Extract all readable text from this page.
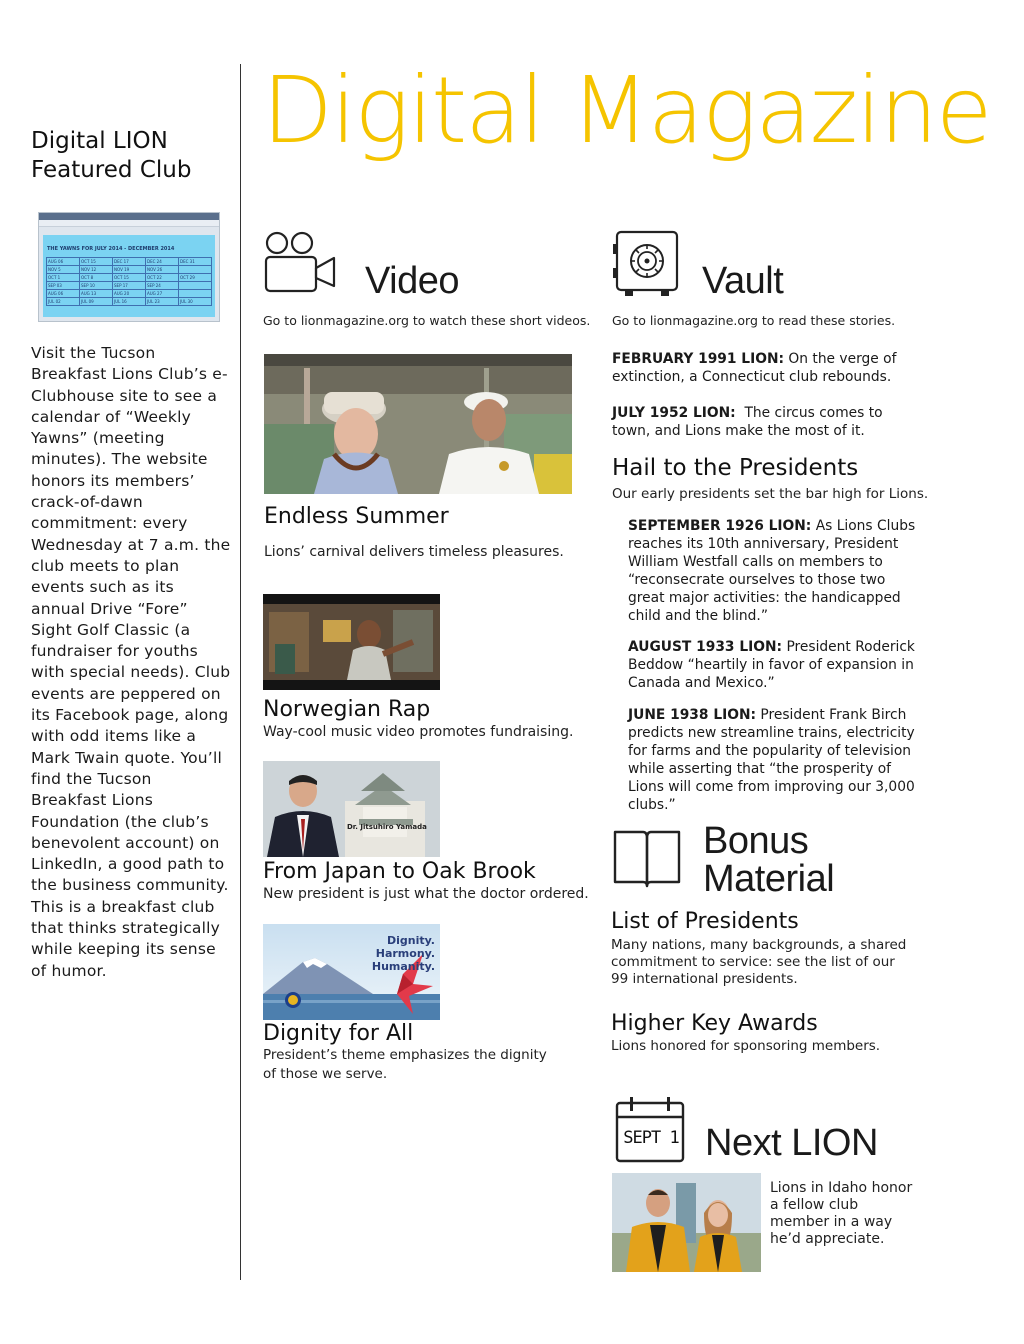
Digital LION
Featured Club
THE YAWNS FOR JULY 2014 - DECEMBER 2014
AUG 06	OCT 15	DEC 17	DEC 24	DEC 31
NOV 5	NOV 12	NOV 19	NOV 26	
OCT 1	OCT 8	OCT 15	OCT 22	OCT 29
SEP 03	SEP 10	SEP 17	SEP 24	
AUG 06	AUG 13	AUG 20	AUG 27	
JUL 02	JUL 09	JUL 16	JUL 23	JUL 30
Visit the Tucson Breakfast Lions Club’s e-Clubhouse site to see a calendar of “Weekly Yawns” (meeting minutes). The website honors its members’ crack-of-dawn commitment: every Wednesday at 7 a.m. the club meets to plan events such as its annual Drive “Fore” Sight Golf Classic (a fundraiser for youths with special needs). Club events are peppered on its Facebook page, along with odd items like a Mark Twain quote. You’ll find the Tucson Breakfast Lions Foundation (the club’s benevolent account) on LinkedIn, a good path to the business community. This is a breakfast club that thinks strategically while keeping its sense of humor.
Digital Magazine
Video
Go to lionmagazine.org to watch these short videos.
Endless Summer
Lions’ carnival delivers timeless pleasures.
Norwegian Rap
Way-cool music video promotes fundraising.
Dr. Jitsuhiro Yamada
From Japan to Oak Brook
New president is just what the doctor ordered.
Dignity.
Harmony.
Humanity.
Dignity for All
President’s theme emphasizes the dignity
of those we serve.
Vault
Go to lionmagazine.org to read these stories.
FEBRUARY 1991 LION: On the verge of extinction, a Connecticut club rebounds.
JULY 1952 LION:  The circus comes to town, and Lions make the most of it.
Hail to the Presidents
Our early presidents set the bar high for Lions.
SEPTEMBER 1926 LION: As Lions Clubs reaches its 10th anniversary, President William Westfall calls on members to “reconsecrate ourselves to those two great major activities: the handicapped child and the blind.”
AUGUST 1933 LION: President Roderick Beddow “heartily in favor of expansion in Canada and Mexico.”
JUNE 1938 LION: President Frank Birch predicts new streamline trains, electricity for farms and the popularity of television while asserting that “the prosperity of Lions will come from improving our 3,000 clubs.”
Bonus
Material
List of Presidents
Many nations, many backgrounds, a shared commitment to service: see the list of our 99 international presidents.
Higher Key Awards
Lions honored for sponsoring members.
SEPT 1 Next LION
Lions in Idaho honor a fellow club member in a way he’d appreciate.
